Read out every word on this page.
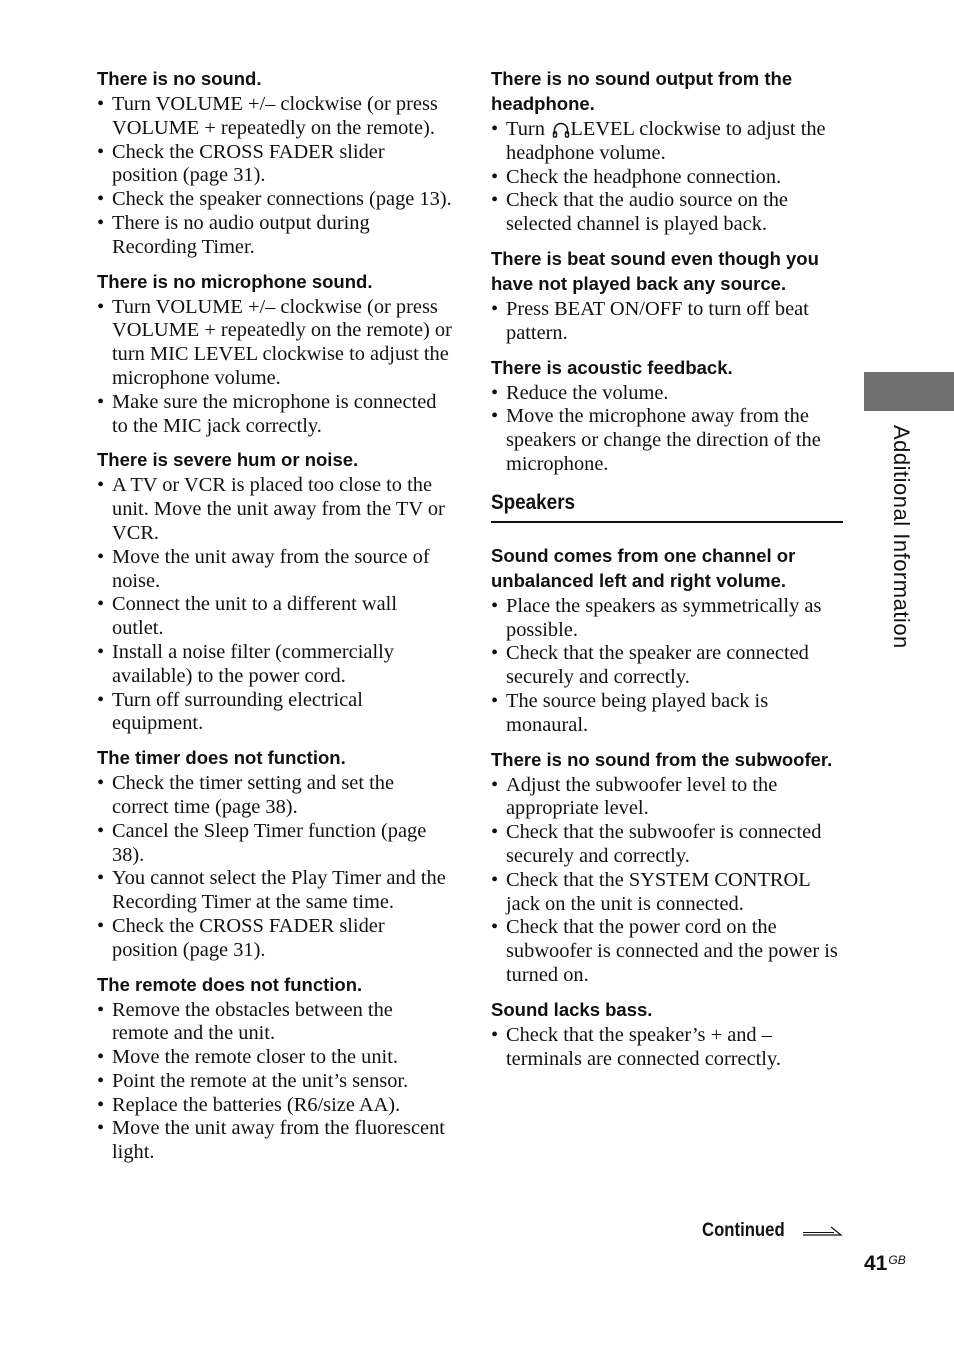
There is no sound.
• Turn VOLUME +/– clockwise (or press VOLUME + repeatedly on the remote).
• Check the CROSS FADER slider position (page 31).
• Check the speaker connections (page 13).
• There is no audio output during Recording Timer.
There is no microphone sound.
• Turn VOLUME +/– clockwise (or press VOLUME + repeatedly on the remote) or turn MIC LEVEL clockwise to adjust the microphone volume.
• Make sure the microphone is connected to the MIC jack correctly.
There is severe hum or noise.
• A TV or VCR is placed too close to the unit. Move the unit away from the TV or VCR.
• Move the unit away from the source of noise.
• Connect the unit to a different wall outlet.
• Install a noise filter (commercially available) to the power cord.
• Turn off surrounding electrical equipment.
The timer does not function.
• Check the timer setting and set the correct time (page 38).
• Cancel the Sleep Timer function (page 38).
• You cannot select the Play Timer and the Recording Timer at the same time.
• Check the CROSS FADER slider position (page 31).
The remote does not function.
• Remove the obstacles between the remote and the unit.
• Move the remote closer to the unit.
• Point the remote at the unit’s sensor.
• Replace the batteries (R6/size AA).
• Move the unit away from the fluorescent light.
There is no sound output from the headphone.
• Turn     LEVEL clockwise to adjust the headphone volume.
• Check the headphone connection.
• Check that the audio source on the selected channel is played back.
There is beat sound even though you have not played back any source.
• Press BEAT ON/OFF to turn off beat pattern.
There is acoustic feedback.
• Reduce the volume.
• Move the microphone away from the speakers or change the direction of the microphone.
Speakers
Sound comes from one channel or unbalanced left and right volume.
• Place the speakers as symmetrically as possible.
• Check that the speaker are connected securely and correctly.
• The source being played back is monaural.
There is no sound from the subwoofer.
• Adjust the subwoofer level to the appropriate level.
• Check that the subwoofer is connected securely and correctly.
• Check that the SYSTEM CONTROL jack on the unit is connected.
• Check that the power cord on the subwoofer is connected and the power is turned on.
Sound lacks bass.
• Check that the speaker’s + and – terminals are connected correctly.
Additional Information
Continued
$41^{GB}$
